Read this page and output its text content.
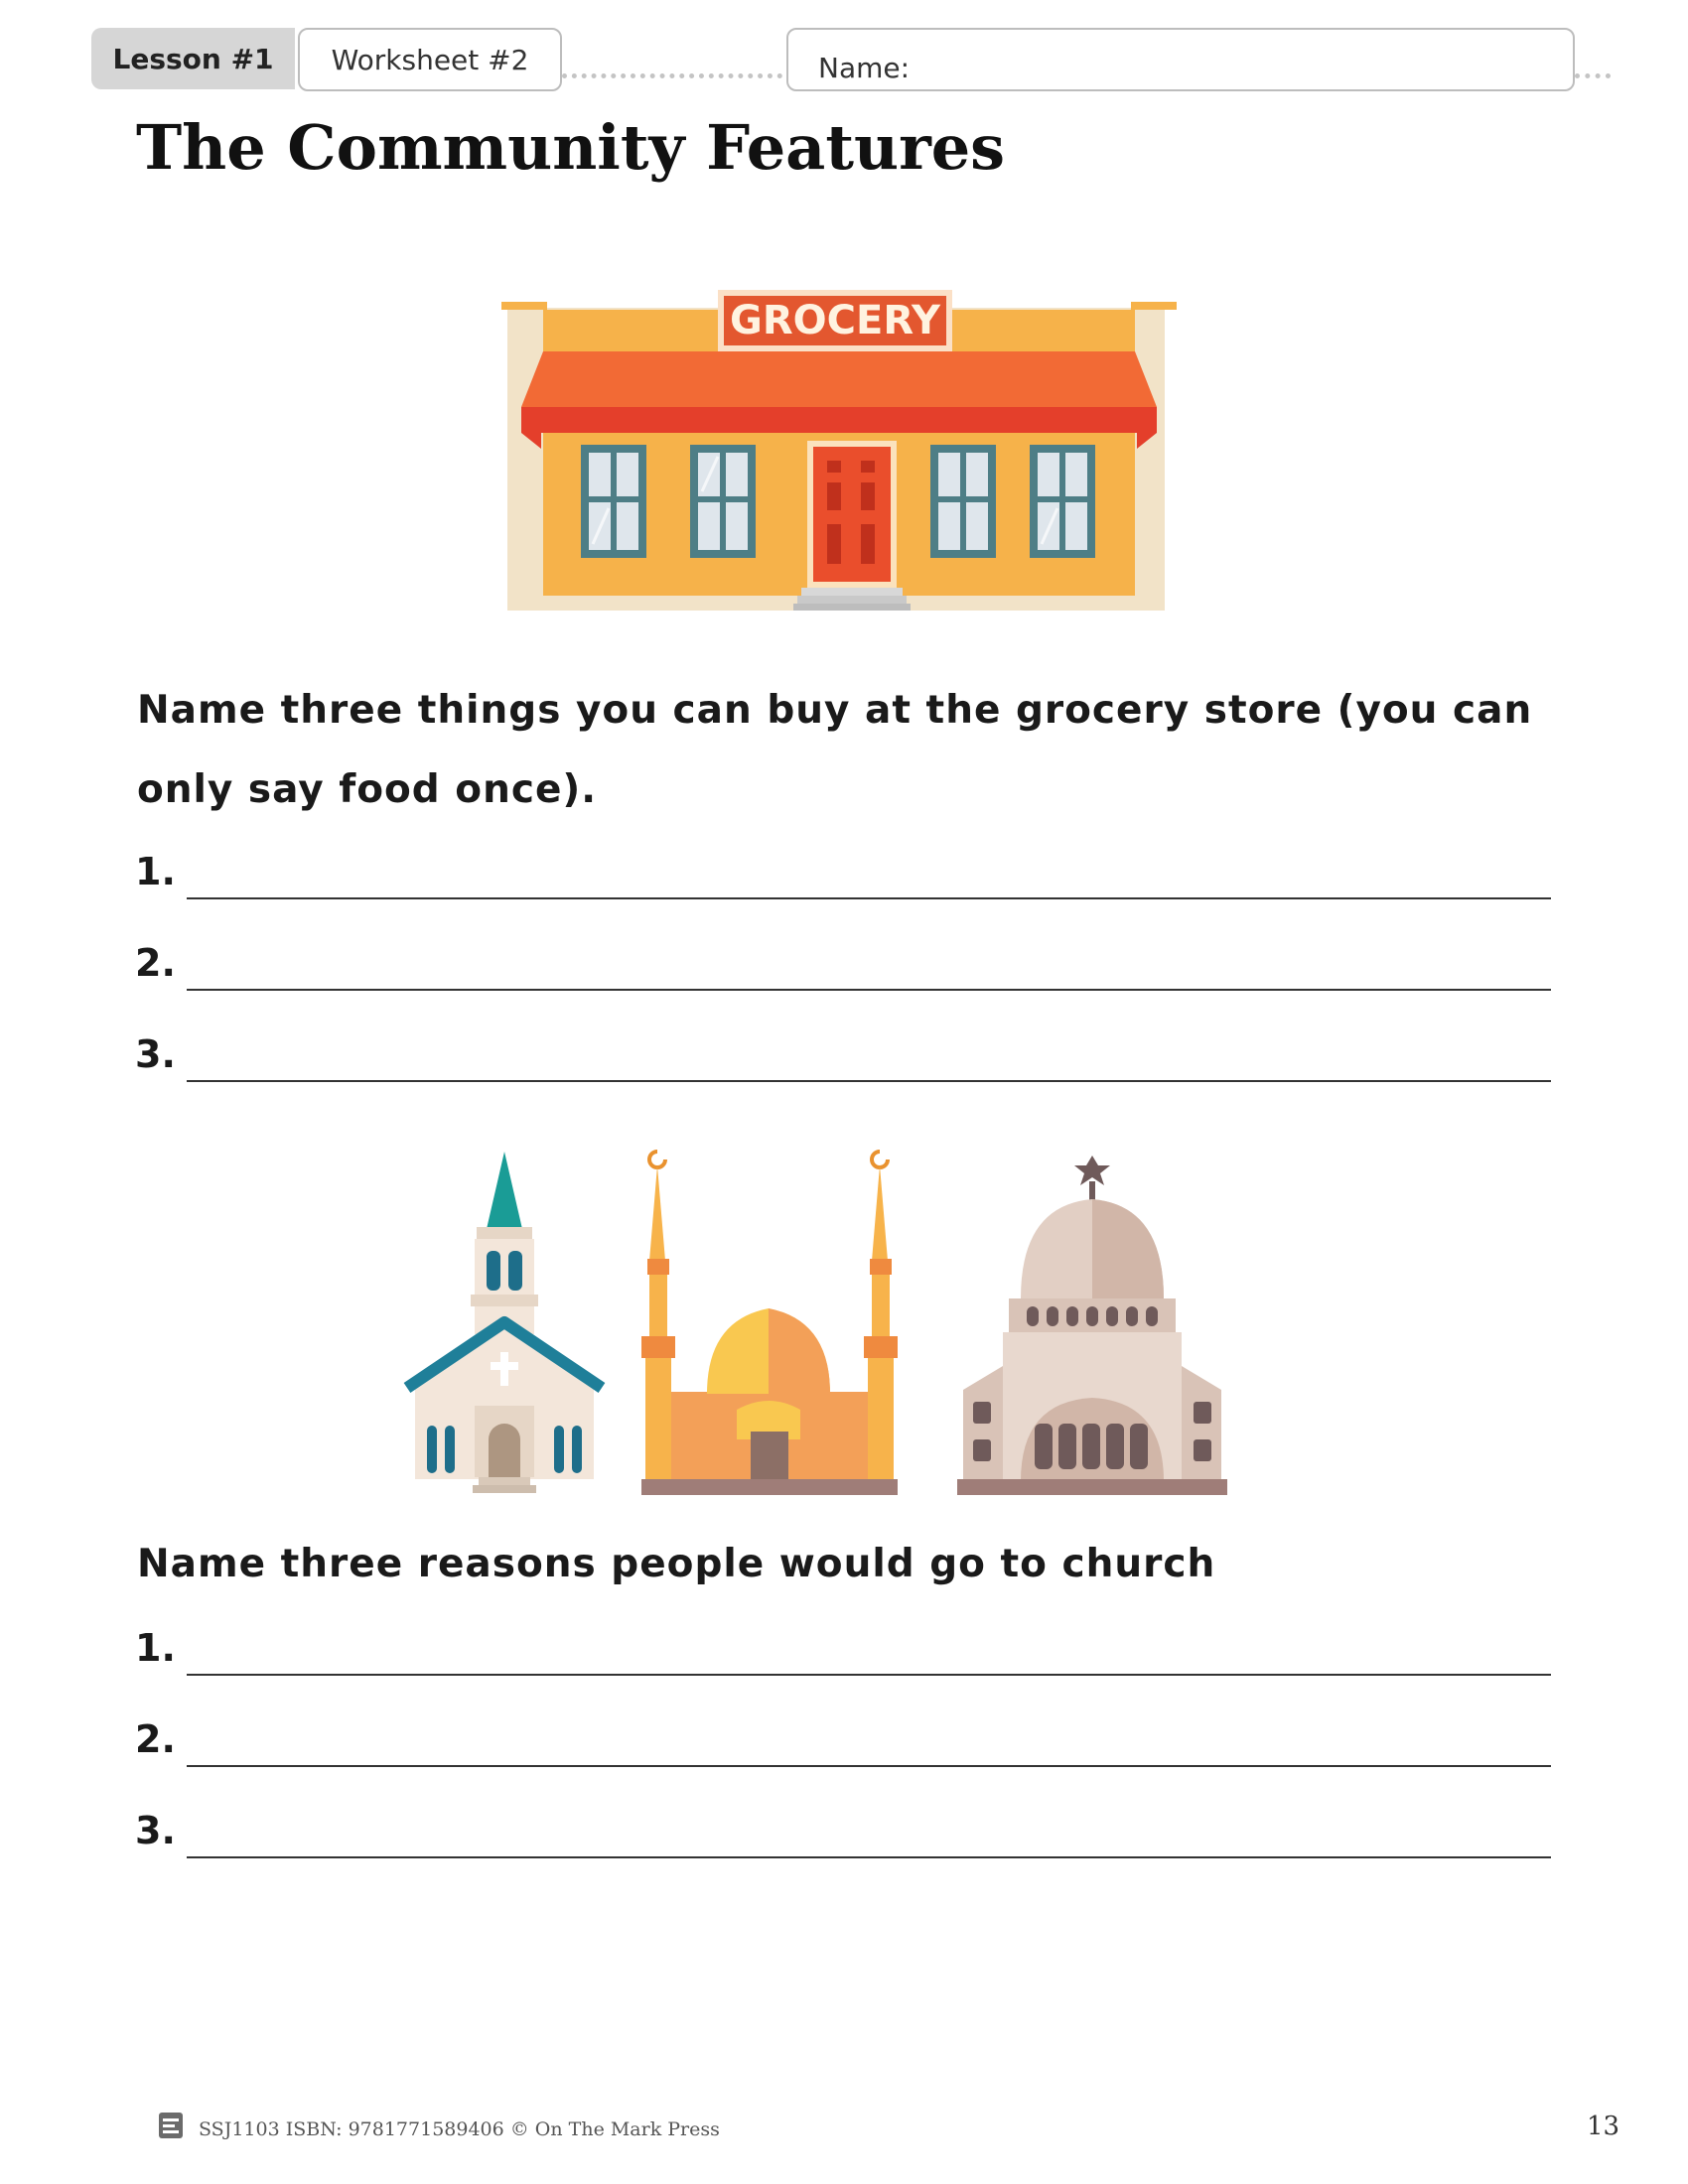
Lesson #1	Worksheet #2	Name:
The Community Features
GROCERY
Name three things you can buy at the grocery store (you can only say food once).
1.
2.
3.
Name three reasons people would go to church
1.
2.
3.
SSJ1103 ISBN: 9781771589406 © On The Mark Press	13
